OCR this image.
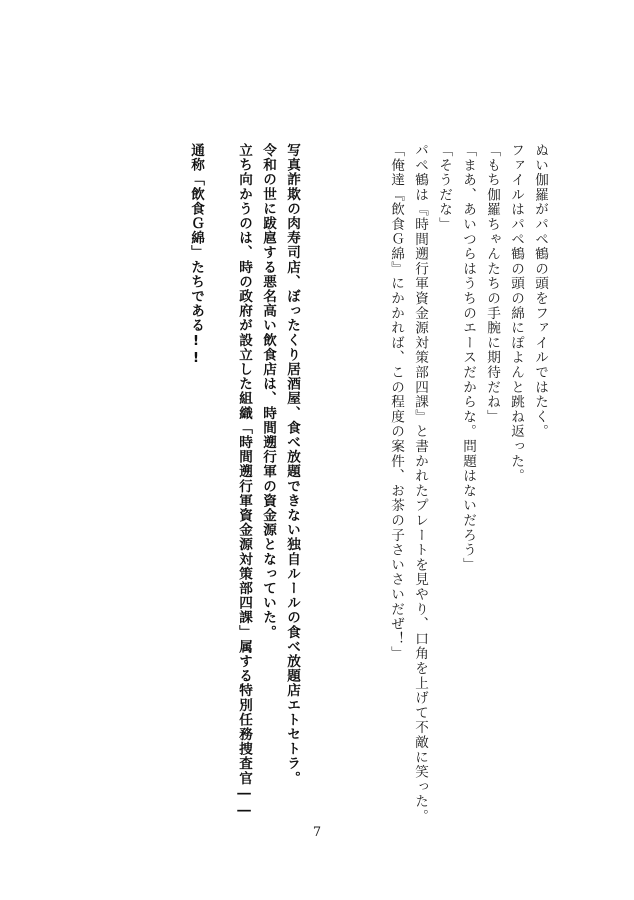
ぬい伽羅がパペ鶴の頭をファイルではたく。
ファイルはパペ鶴の頭の綿にぽよんと跳ね返った。
「もち伽羅ちゃんたちの手腕に期待だね」
「まあ、あいつらはうちのエースだからな。問題はないだろう」
「そうだな」
パペ鶴は『時間遡行軍資金源対策部四課』と書かれたプレートを見やり、口角を上げて不敵に笑った。
「俺達『飲食Ｇ綿』にかかれば、この程度の案件、お茶の子さいさいだぜ！」
写真詐欺の肉寿司店、ぼったくり居酒屋、食べ放題できない独自ルールの食べ放題店エトセトラ。
令和の世に跋扈する悪名高い飲食店は、時間遡行軍の資金源となっていた。
立ち向かうのは、時の政府が設立した組織「時間遡行軍資金源対策部四課」属する特別任務捜査官――
通称「飲食Ｇ綿」たちである!!
7
